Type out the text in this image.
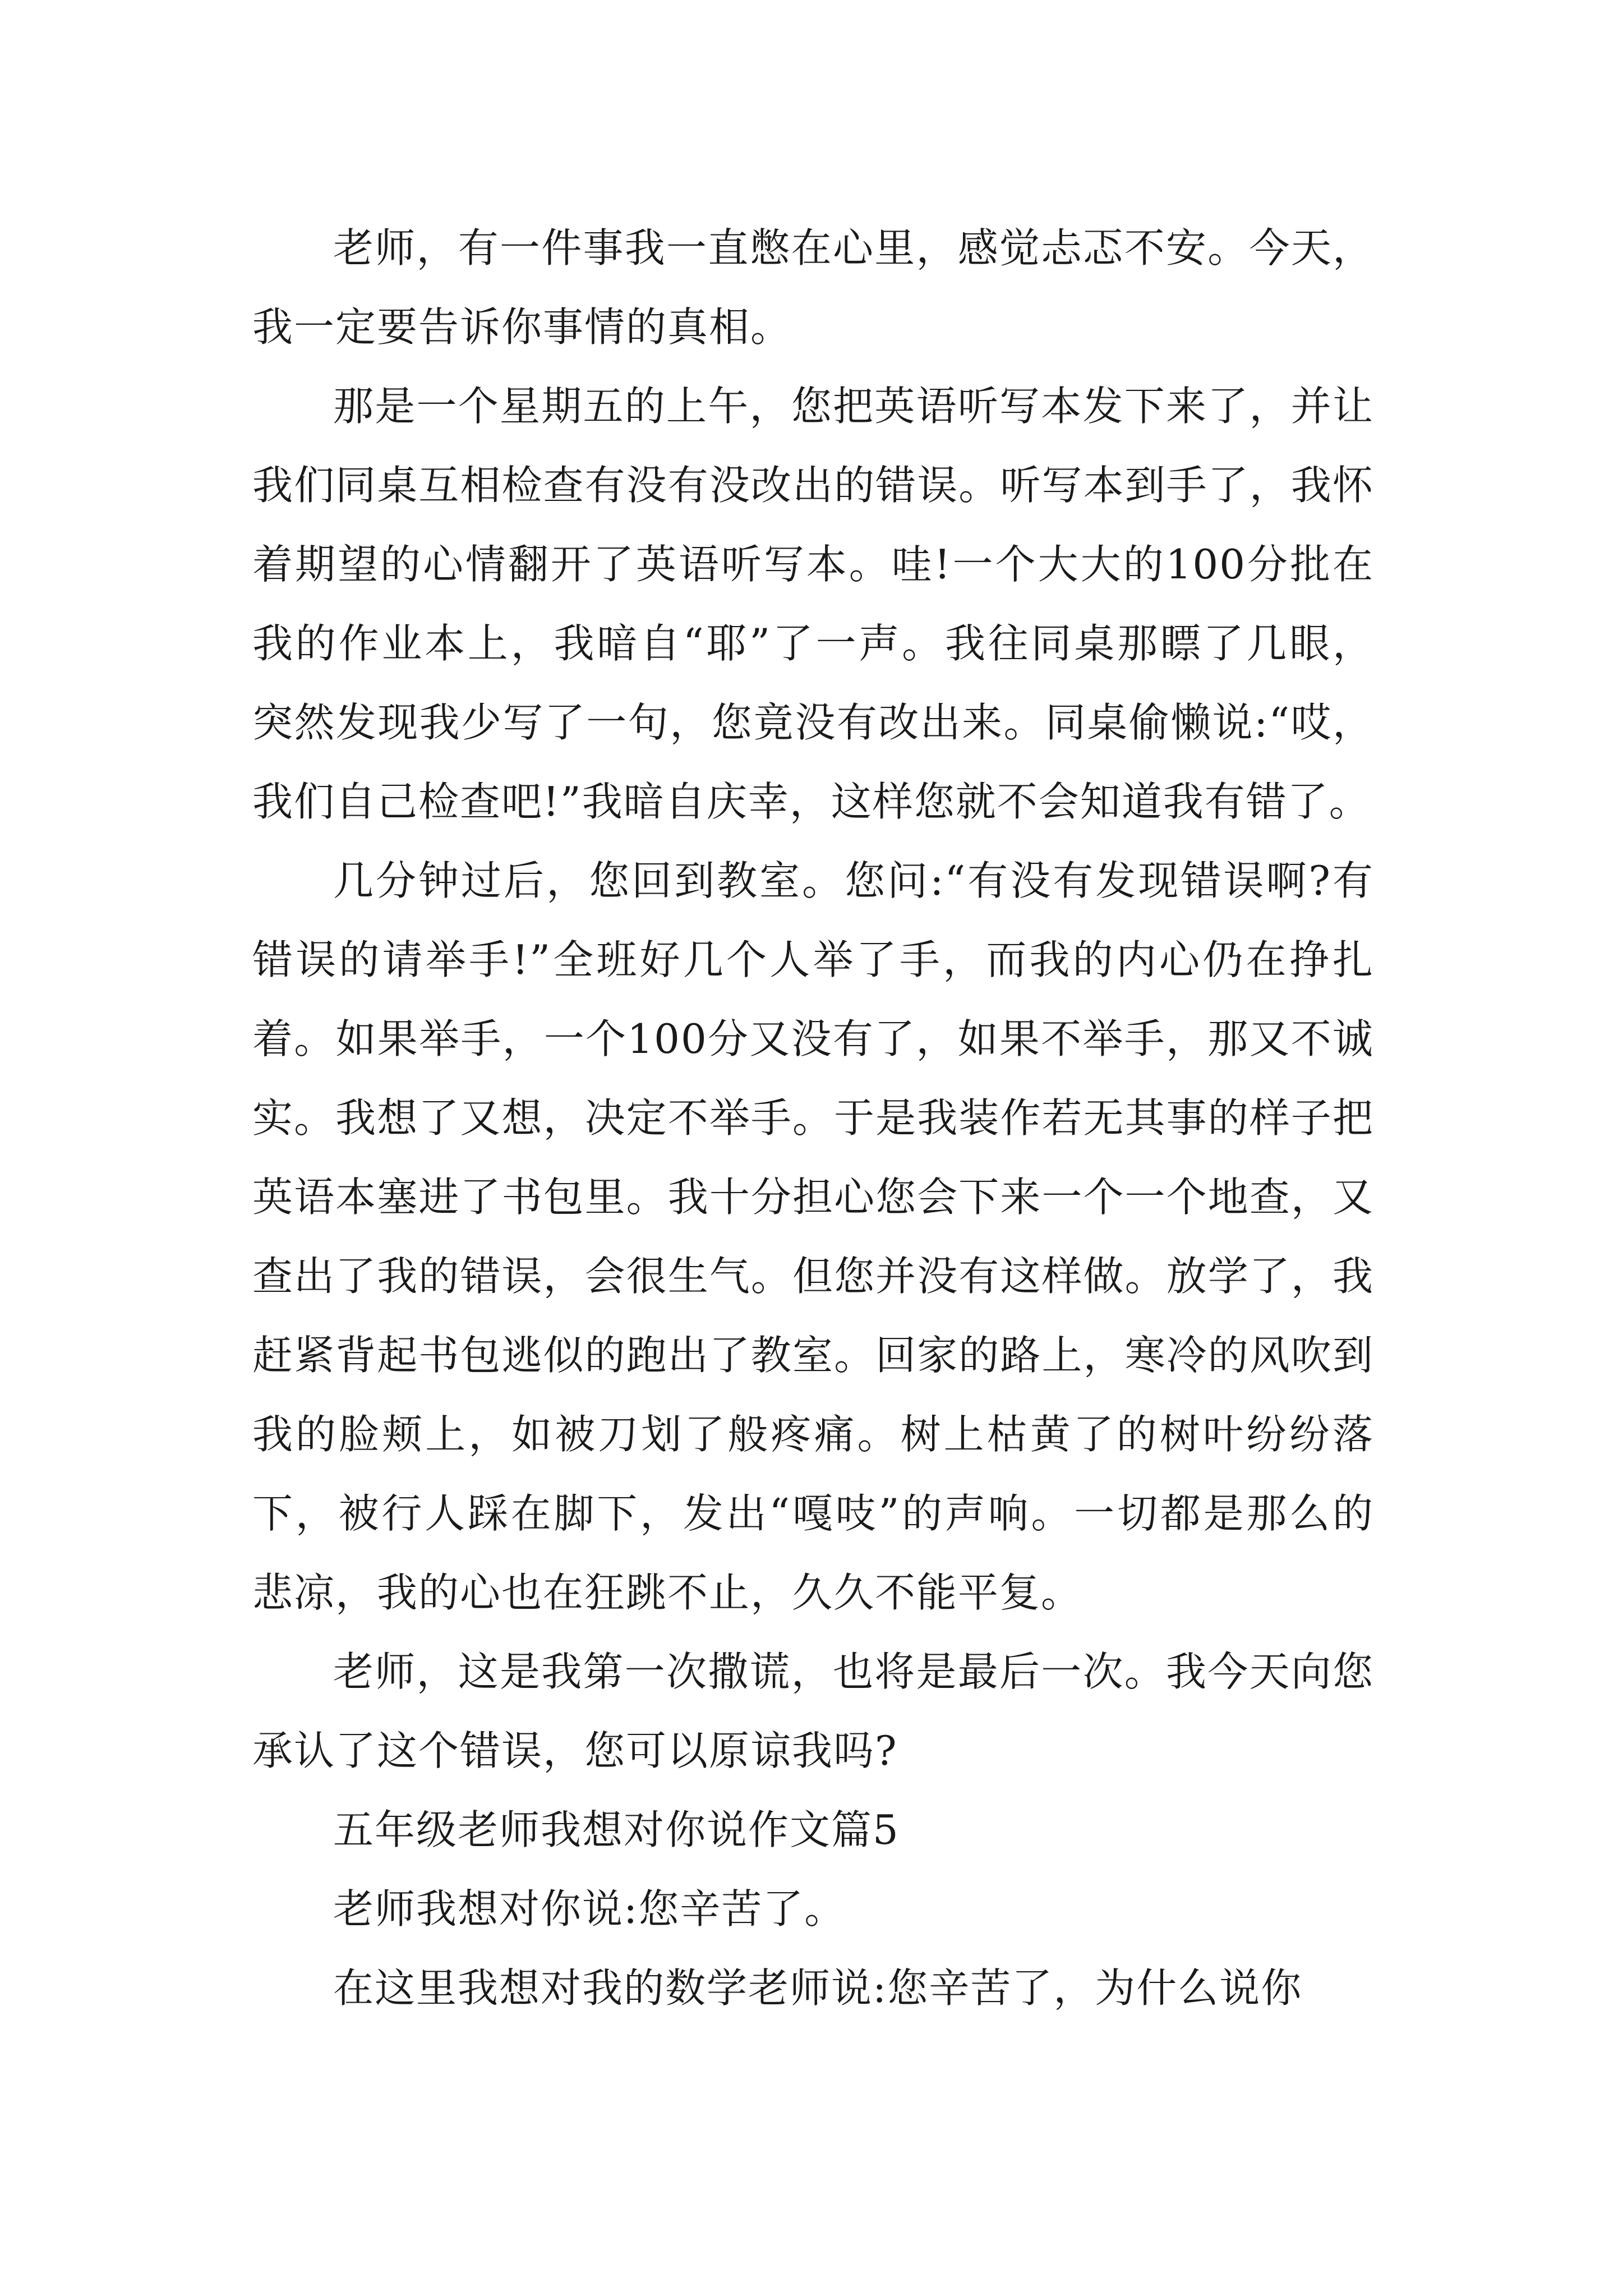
老师，有一件事我一直憋在心里，感觉忐忑不安。今天，我一定要告诉你事情的真相。

那是一个星期五的上午，您把英语听写本发下来了，并让我们同桌互相检查有没有没改出的错误。听写本到手了，我怀着期望的心情翻开了英语听写本。哇!一个大大的100分批在我的作业本上，我暗自“耶”了一声。我往同桌那瞟了几眼，突然发现我少写了一句，您竟没有改出来。同桌偷懒说:“哎，我们自己检查吧!”我暗自庆幸，这样您就不会知道我有错了。

几分钟过后，您回到教室。您问:“有没有发现错误啊?有错误的请举手!”全班好几个人举了手，而我的内心仍在挣扎着。如果举手，一个100分又没有了，如果不举手，那又不诚实。我想了又想，决定不举手。于是我装作若无其事的样子把英语本塞进了书包里。我十分担心您会下来一个一个地查，又查出了我的错误，会很生气。但您并没有这样做。放学了，我赶紧背起书包逃似的跑出了教室。回家的路上，寒冷的风吹到我的脸颊上，如被刀划了般疼痛。树上枯黄了的树叶纷纷落下，被行人踩在脚下，发出“嘎吱”的声响。一切都是那么的悲凉，我的心也在狂跳不止，久久不能平复。

老师，这是我第一次撒谎，也将是最后一次。我今天向您承认了这个错误，您可以原谅我吗?

五年级老师我想对你说作文篇5

老师我想对你说:您辛苦了。

在这里我想对我的数学老师说:您辛苦了，为什么说你
